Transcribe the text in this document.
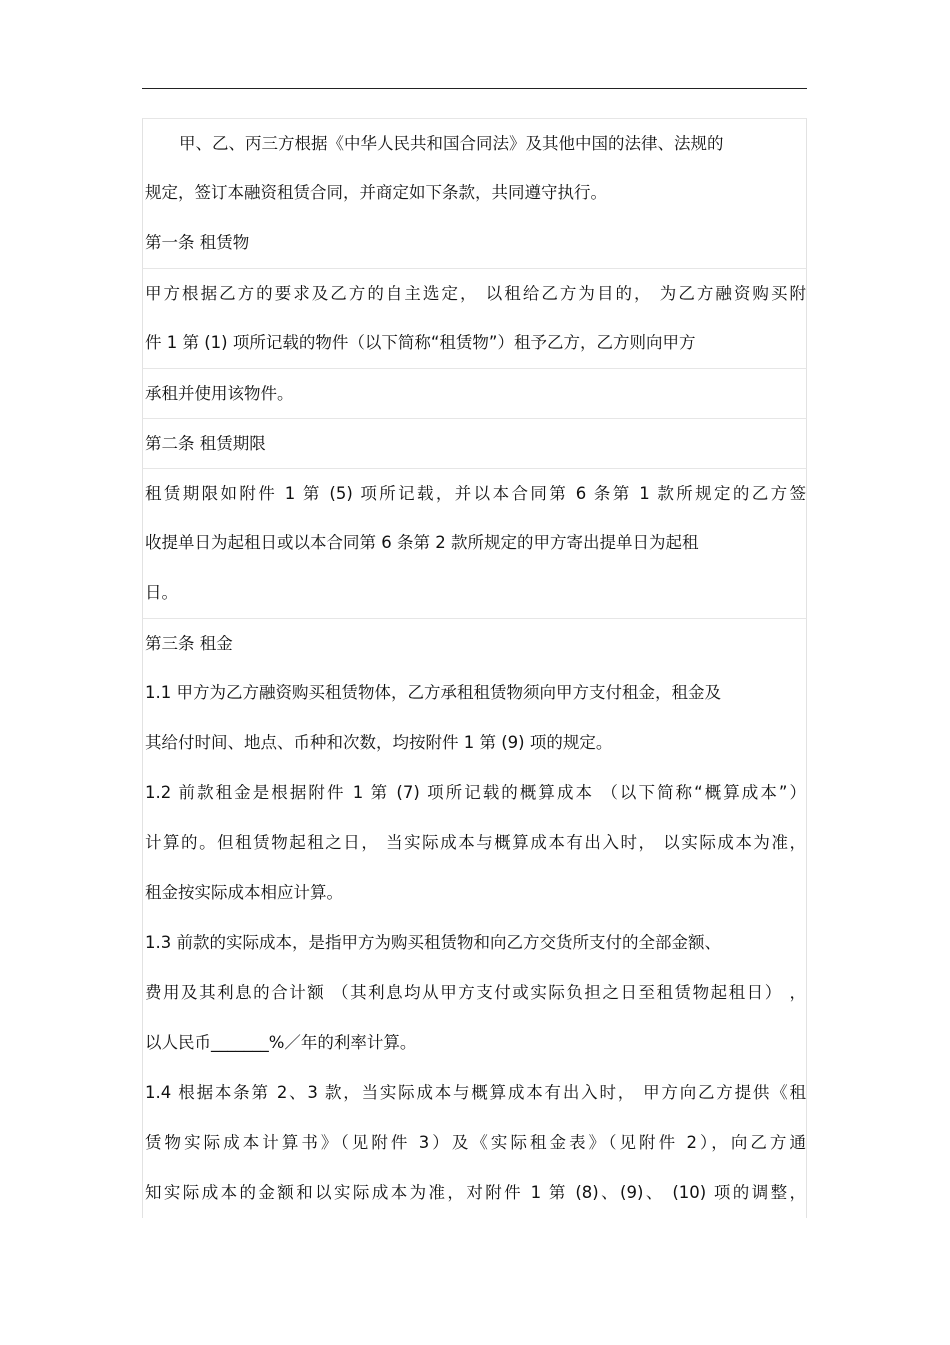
甲、乙、丙三方根据《中华人民共和国合同法》及其他中国的法律、法规的
规定，签订本融资租赁合同，并商定如下条款，共同遵守执行。
第一条 租赁物
甲方根据乙方的要求及乙方的自主选定， 以租给乙方为目的， 为乙方融资购买附
件 1 第 (1) 项所记载的物件（以下简称“租赁物”）租予乙方，乙方则向甲方
承租并使用该物件。
第二条 租赁期限
租赁期限如附件 1 第 (5) 项所记载，并以本合同第 6 条第 1 款所规定的乙方签
收提单日为起租日或以本合同第 6 条第 2 款所规定的甲方寄出提单日为起租
日。
第三条 租金
1.1 甲方为乙方融资购买租赁物体，乙方承租租赁物须向甲方支付租金，租金及
其给付时间、地点、币种和次数，均按附件 1 第 (9) 项的规定。
1.2 前款租金是根据附件 1 第 (7) 项所记载的概算成本 （以下简称“概算成本”）
计算的。但租赁物起租之日， 当实际成本与概算成本有出入时， 以实际成本为准，
租金按实际成本相应计算。
1.3 前款的实际成本，是指甲方为购买租赁物和向乙方交货所支付的全部金额、
费用及其利息的合计额 （其利息均从甲方支付或实际负担之日至租赁物起租日） ，
以人民币_______%／年的利率计算。
1.4 根据本条第 2、3 款，当实际成本与概算成本有出入时， 甲方向乙方提供《租
赁物实际成本计算书》（见附件 3）及《实际租金表》（见附件 2），向乙方通
知实际成本的金额和以实际成本为准，对附件 1 第 (8)、(9)、 (10) 项的调整，
